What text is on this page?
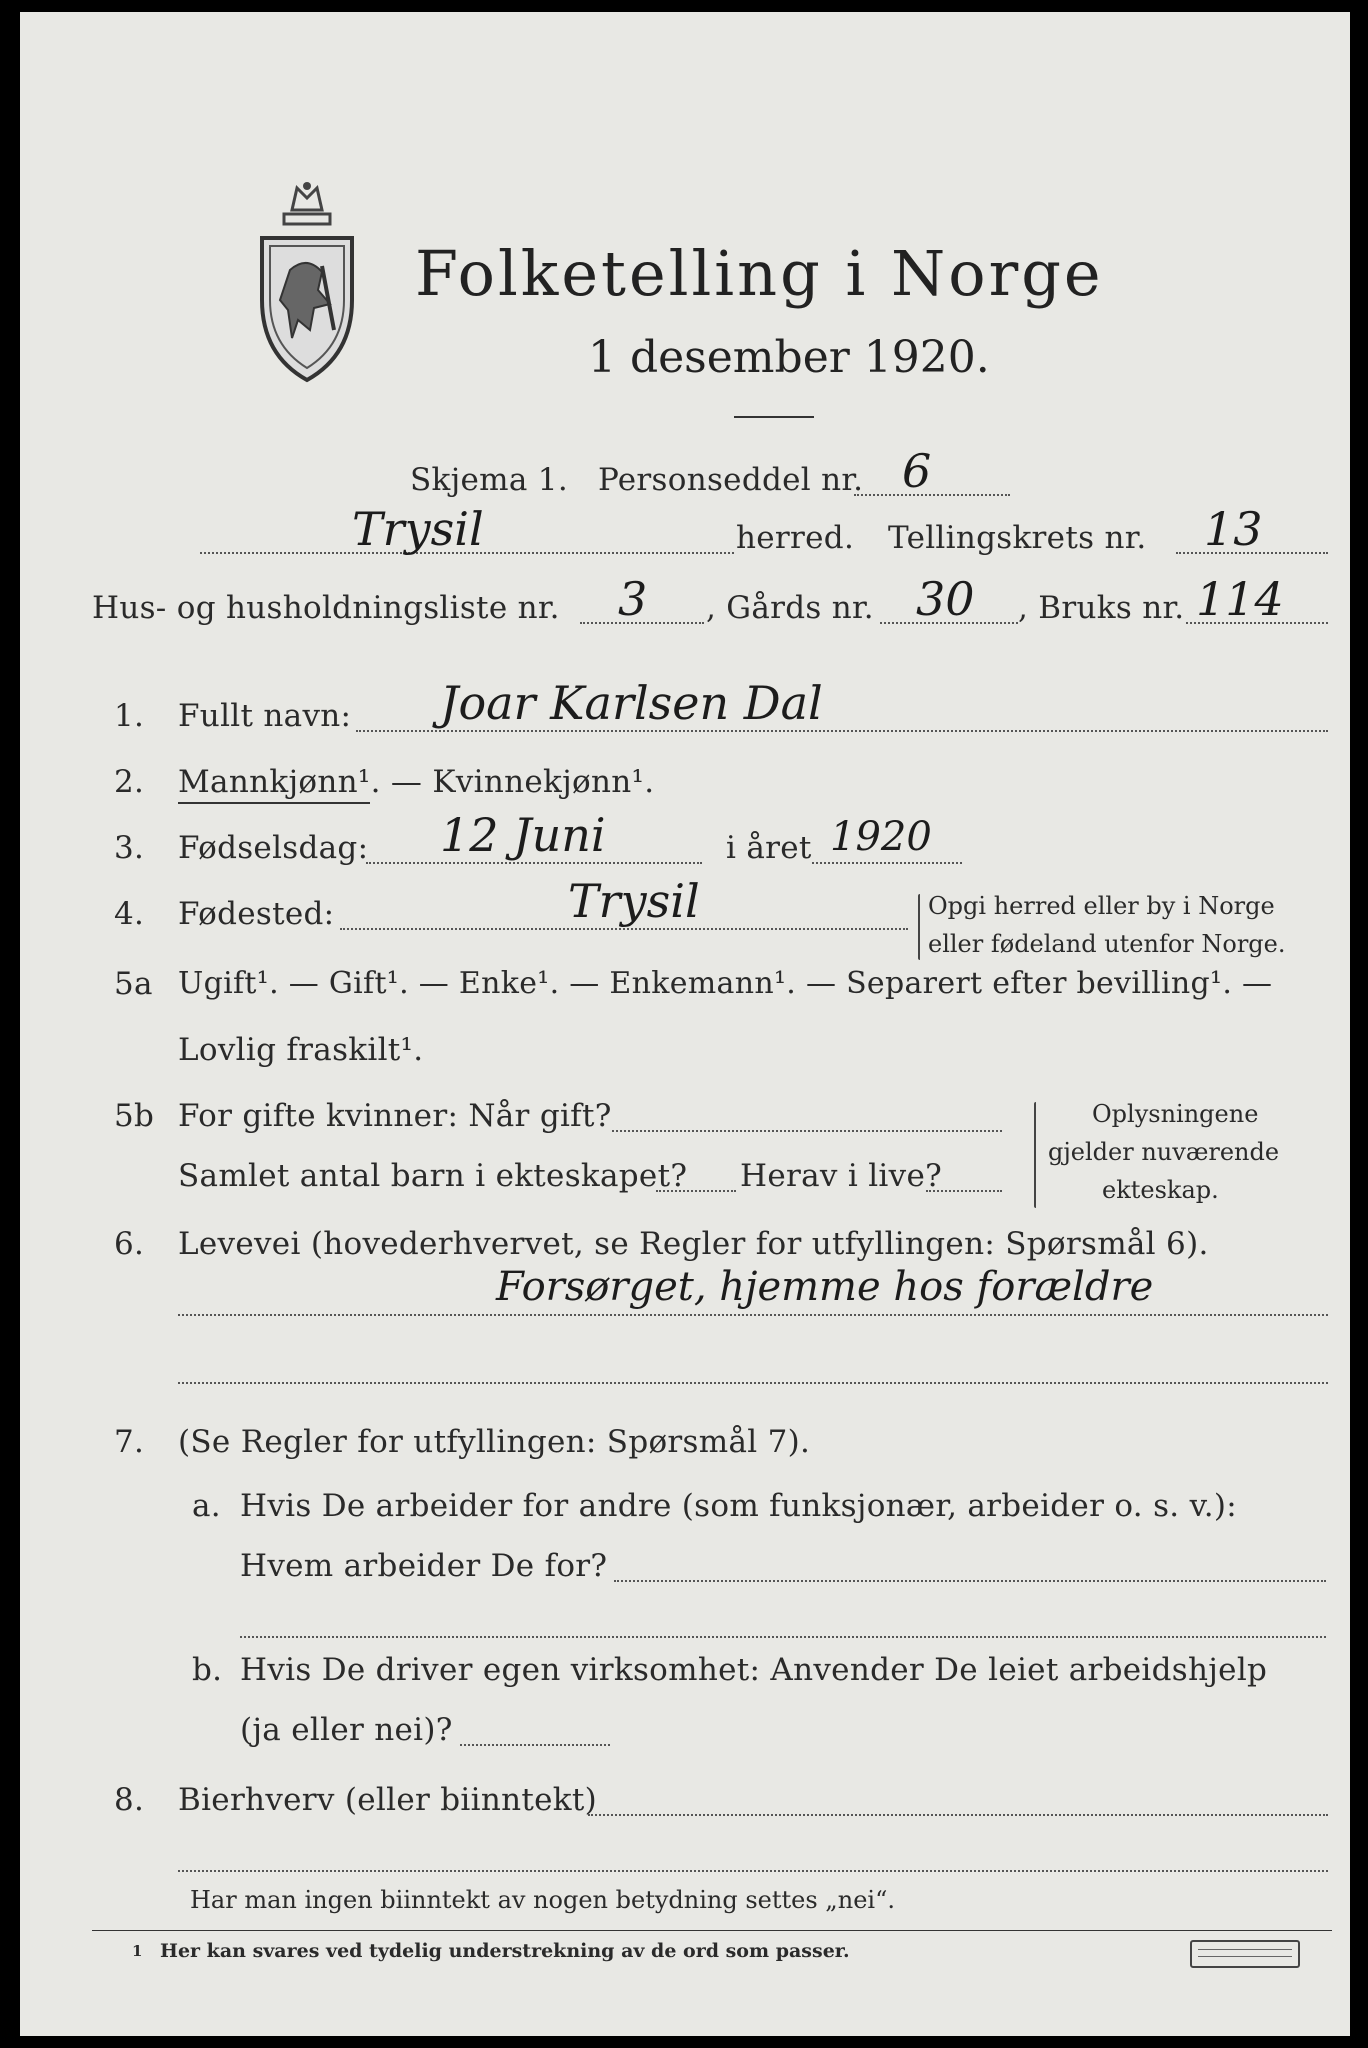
Folketelling i Norge
1 desember 1920.
Skjema 1. Personseddel nr. 6
Trysil	herred. Tellingskrets nr. 13
Hus- og husholdningsliste nr. 3 , Gårds nr. 30 , Bruks nr. 114
1. Fullt navn: Joar Karlsen Dal
2. Mannkjønn¹. — Kvinnekjønn¹.
3. Fødselsdag: 12 Juni	i året 1920
4. Fødested:	Trysil	Opgi herred eller by i Norge
eller fødeland utenfor Norge.
5a Ugift¹. — Gift¹. — Enke¹. — Enkemann¹. — Separert efter bevilling¹. —
Lovlig fraskilt¹.
5b For gifte kvinner: Når gift?
Samlet antal barn i ekteskapet? Herav i live?
Oplysningene
gjelder nuværende
ekteskap.
6. Levevei (hovederhvervet, se Regler for utfyllingen: Spørsmål 6).
Forsørget, hjemme hos forældre
7. (Se Regler for utfyllingen: Spørsmål 7).
a. Hvis De arbeider for andre (som funksjonær, arbeider o. s. v.):
Hvem arbeider De for?
b. Hvis De driver egen virksomhet: Anvender De leiet arbeidshjelp
(ja eller nei)?
8. Bierhverv (eller biinntekt)
Har man ingen biinntekt av nogen betydning settes „nei“.
1 Her kan svares ved tydelig understrekning av de ord som passer.
